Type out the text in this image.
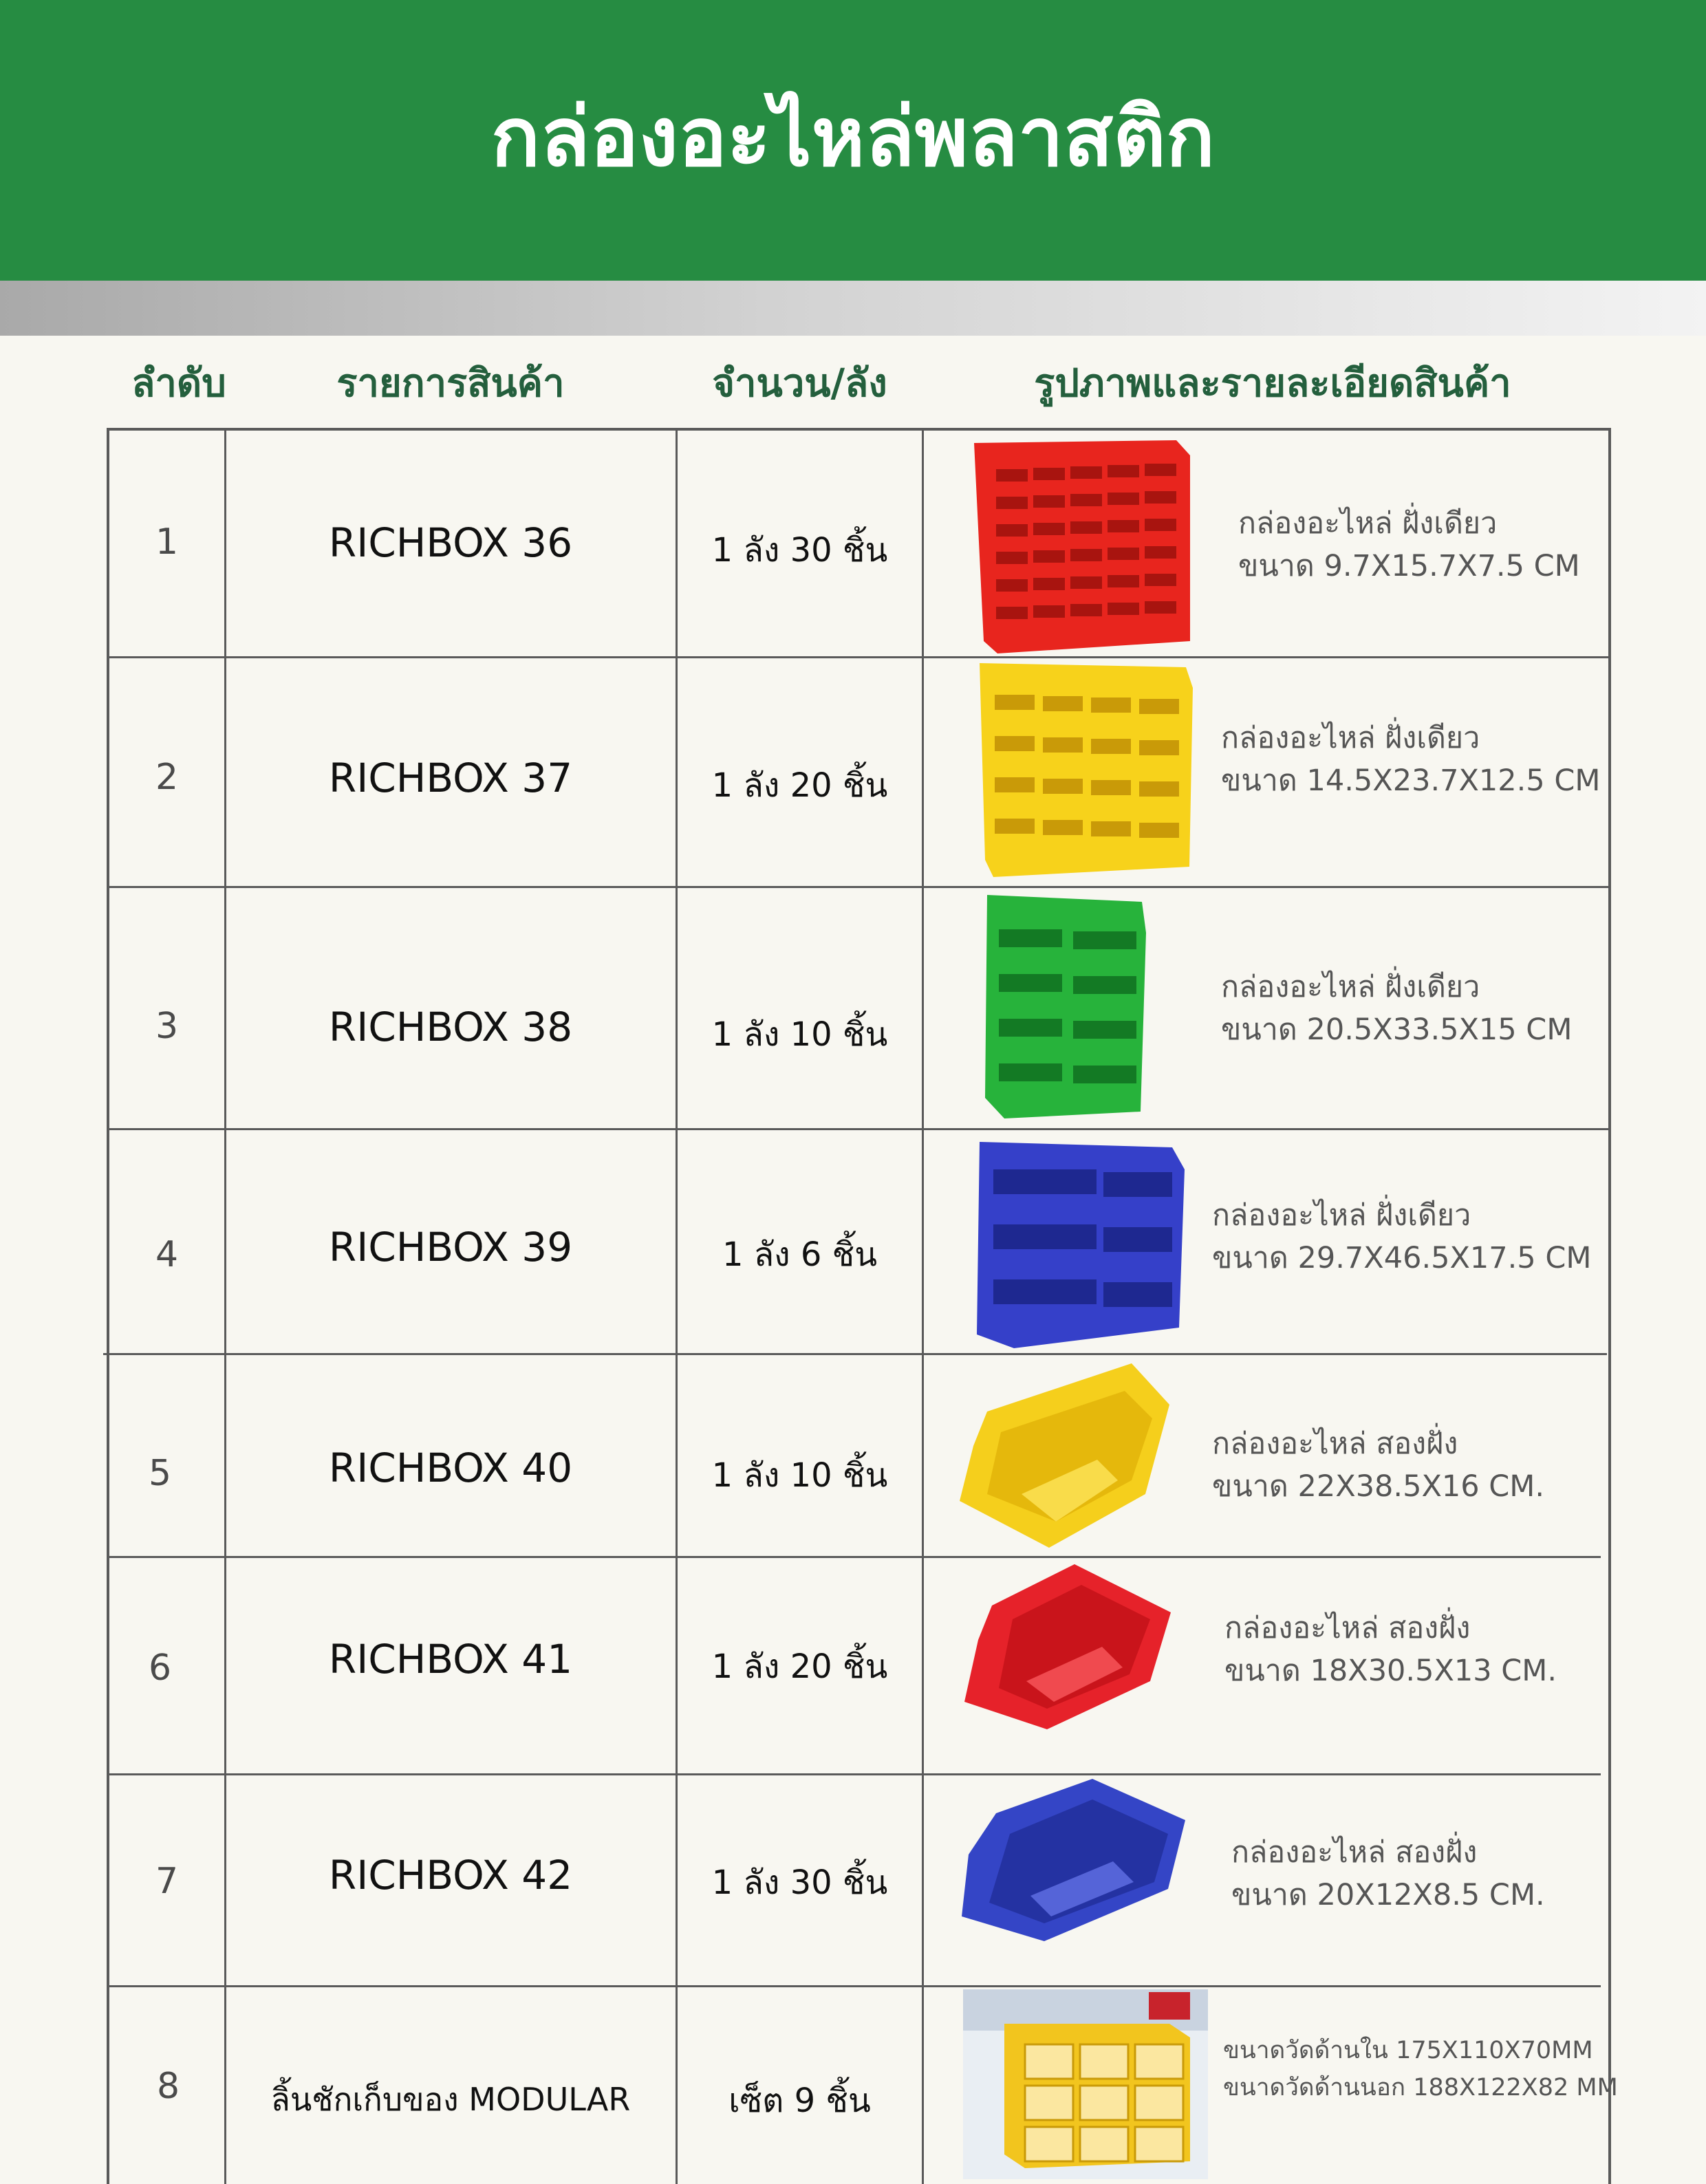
กล่องอะไหล่พลาสติก
ลำดับ	รายการสินค้า	จำนวน/ลัง	รูปภาพและรายละเอียดสินค้า
1	RICHBOX 36	1 ลัง 30 ชิ้น
กล่องอะไหล่ ฝั่งเดียว
ขนาด 9.7X15.7X7.5 CM
2	RICHBOX 37	1 ลัง 20 ชิ้น
กล่องอะไหล่ ฝั่งเดียว
ขนาด 14.5X23.7X12.5 CM
3	RICHBOX 38	1 ลัง 10 ชิ้น
กล่องอะไหล่ ฝั่งเดียว
ขนาด 20.5X33.5X15 CM
4	RICHBOX 39	1 ลัง 6 ชิ้น
กล่องอะไหล่ ฝั่งเดียว
ขนาด 29.7X46.5X17.5 CM
5	RICHBOX 40	1 ลัง 10 ชิ้น
กล่องอะไหล่ สองฝั่ง
ขนาด 22X38.5X16 CM.
6	RICHBOX 41	1 ลัง 20 ชิ้น
กล่องอะไหล่ สองฝั่ง
ขนาด 18X30.5X13 CM.
7	RICHBOX 42	1 ลัง 30 ชิ้น
กล่องอะไหล่ สองฝั่ง
ขนาด 20X12X8.5 CM.
8	ลิ้นชักเก็บของ MODULAR	เซ็ต 9 ชิ้น
ขนาดวัดด้านใน 175X110X70MM
ขนาดวัดด้านนอก 188X122X82 MM
